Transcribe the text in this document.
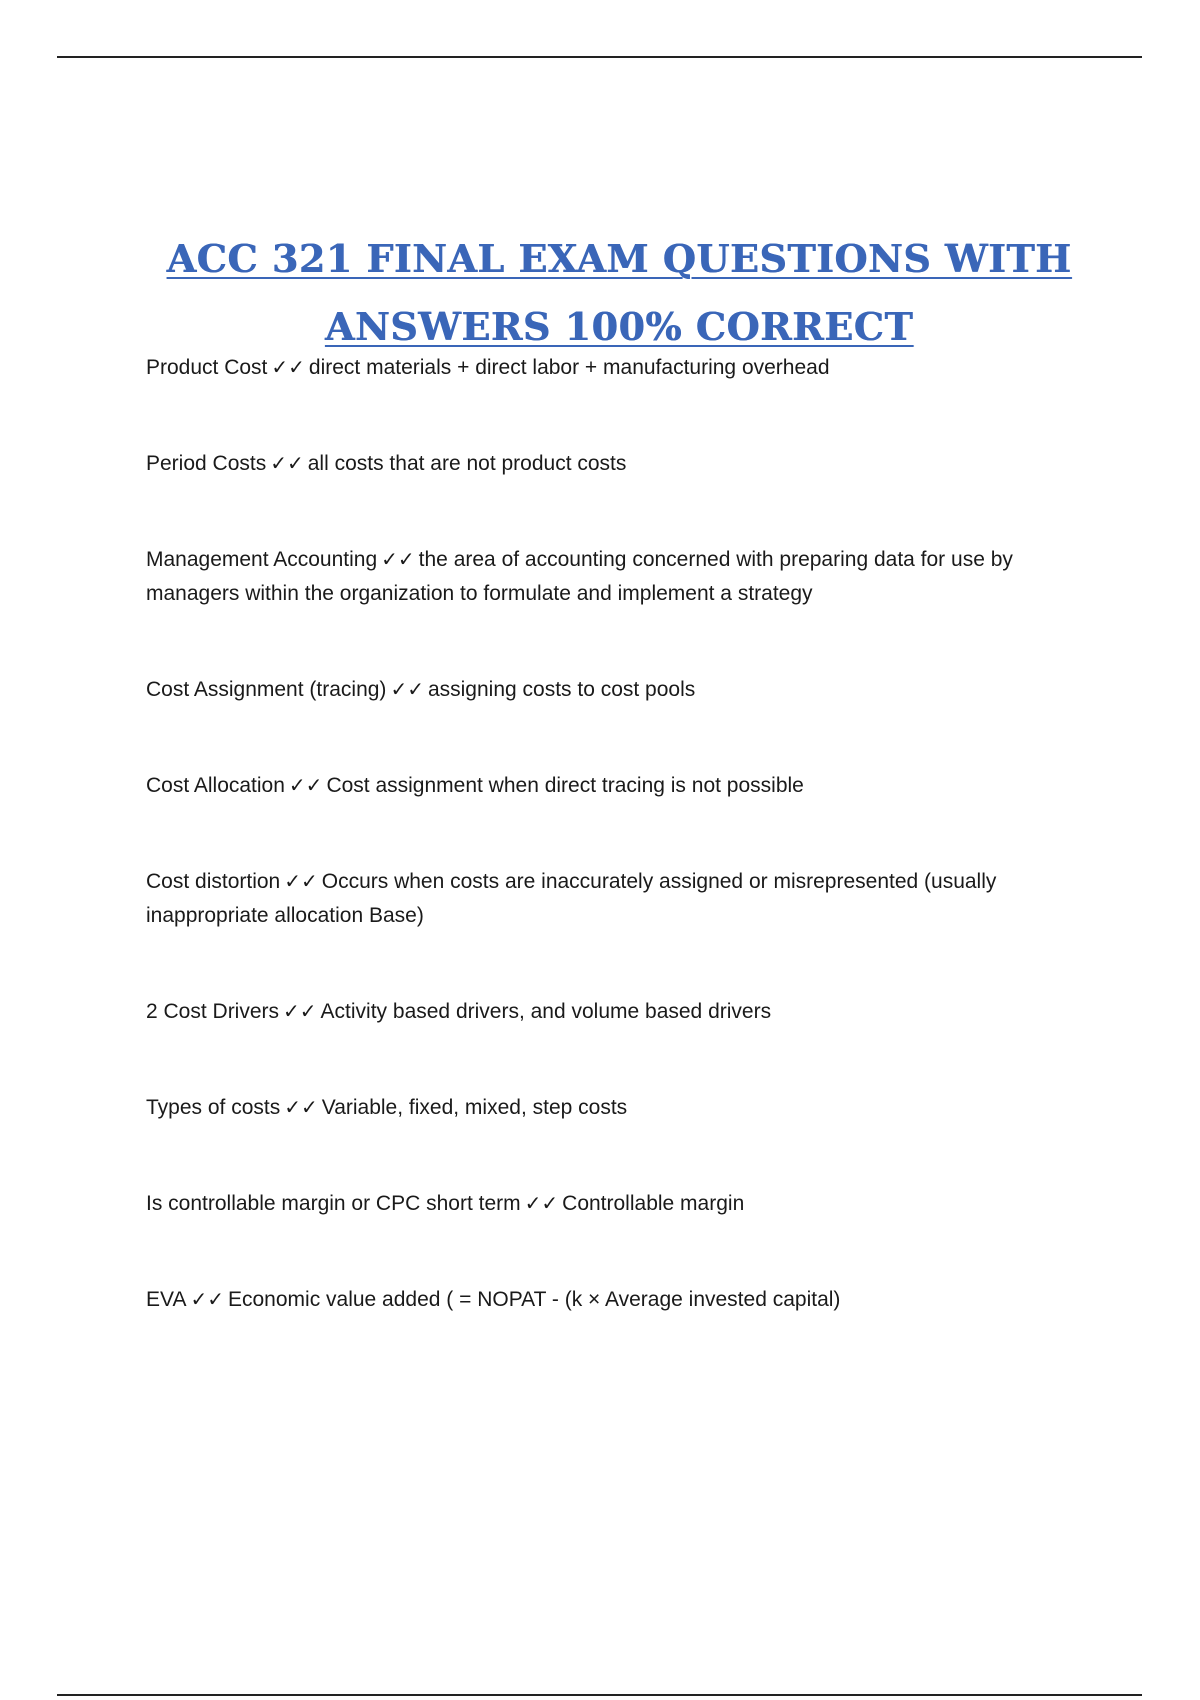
ACC 321 FINAL EXAM QUESTIONS WITH
ANSWERS 100% CORRECT
Product Cost ✓✓ direct materials + direct labor + manufacturing overhead
Period Costs ✓✓ all costs that are not product costs
Management Accounting ✓✓ the area of accounting concerned with preparing data for use by managers within the organization to formulate and implement a strategy
Cost Assignment (tracing) ✓✓ assigning costs to cost pools
Cost Allocation ✓✓ Cost assignment when direct tracing is not possible
Cost distortion ✓✓ Occurs when costs are inaccurately assigned or misrepresented (usually inappropriate allocation Base)
2 Cost Drivers ✓✓ Activity based drivers, and volume based drivers
Types of costs ✓✓ Variable, fixed, mixed, step costs
Is controllable margin or CPC short term ✓✓ Controllable margin
EVA ✓✓ Economic value added ( = NOPAT - (k × Average invested capital)
